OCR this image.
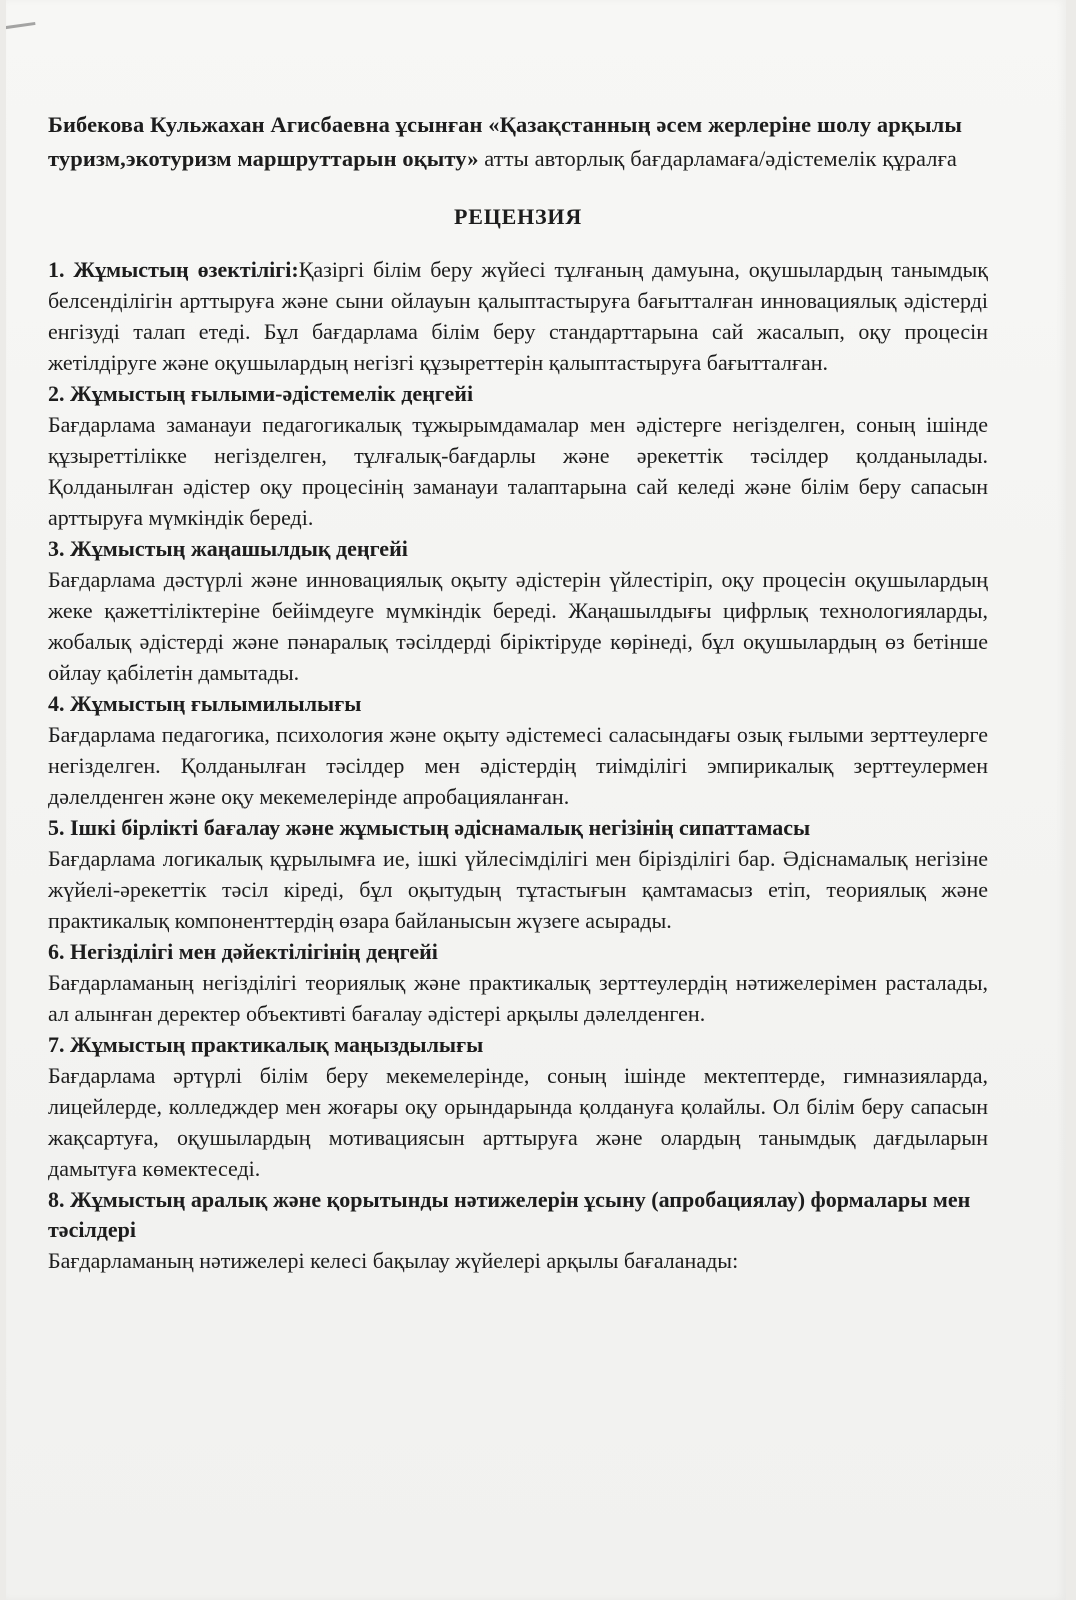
Бибекова Кульжахан Агисбаевна ұсынған «Қазақстанның әсем жерлеріне шолу арқылы туризм,экотуризм маршруттарын оқыту» атты авторлық бағдарламаға/әдістемелік құралға
РЕЦЕНЗИЯ
1. Жұмыстың өзектілігі:Қазіргі білім беру жүйесі тұлғаның дамуына, оқушылардың танымдық белсенділігін арттыруға және сыни ойлауын қалыптастыруға бағытталған инновациялық әдістерді енгізуді талап етеді. Бұл бағдарлама білім беру стандарттарына сай жасалып, оқу процесін жетілдіруге және оқушылардың негізгі құзыреттерін қалыптастыруға бағытталған.
2. Жұмыстың ғылыми-әдістемелік деңгейі
Бағдарлама заманауи педагогикалық тұжырымдамалар мен әдістерге негізделген, соның ішінде құзыреттілікке негізделген, тұлғалық-бағдарлы және әрекеттік тәсілдер қолданылады. Қолданылған әдістер оқу процесінің заманауи талаптарына сай келеді және білім беру сапасын арттыруға мүмкіндік береді.
3. Жұмыстың жаңашылдық деңгейі
Бағдарлама дәстүрлі және инновациялық оқыту әдістерін үйлестіріп, оқу процесін оқушылардың жеке қажеттіліктеріне бейімдеуге мүмкіндік береді. Жаңашылдығы цифрлық технологияларды, жобалық әдістерді және пәнаралық тәсілдерді біріктіруде көрінеді, бұл оқушылардың өз бетінше ойлау қабілетін дамытады.
4. Жұмыстың ғылымилылығы
Бағдарлама педагогика, психология және оқыту әдістемесі саласындағы озық ғылыми зерттеулерге негізделген. Қолданылған тәсілдер мен әдістердің тиімділігі эмпирикалық зерттеулермен дәлелденген және оқу мекемелерінде апробацияланған.
5. Ішкі бірлікті бағалау және жұмыстың әдіснамалық негізінің сипаттамасы
Бағдарлама логикалық құрылымға ие, ішкі үйлесімділігі мен бірізділігі бар. Әдіснамалық негізіне жүйелі-әрекеттік тәсіл кіреді, бұл оқытудың тұтастығын қамтамасыз етіп, теориялық және практикалық компоненттердің өзара байланысын жүзеге асырады.
6. Негізділігі мен дәйектілігінің деңгейі
Бағдарламаның негізділігі теориялық және практикалық зерттеулердің нәтижелерімен расталады, ал алынған деректер объективті бағалау әдістері арқылы дәлелденген.
7. Жұмыстың практикалық маңыздылығы
Бағдарлама әртүрлі білім беру мекемелерінде, соның ішінде мектептерде, гимназияларда, лицейлерде, колледждер мен жоғары оқу орындарында қолдануға қолайлы. Ол білім беру сапасын жақсартуға, оқушылардың мотивациясын арттыруға және олардың танымдық дағдыларын дамытуға көмектеседі.
8. Жұмыстың аралық және қорытынды нәтижелерін ұсыну (апробациялау) формалары мен тәсілдері
Бағдарламаның нәтижелері келесі бақылау жүйелері арқылы бағаланады:
